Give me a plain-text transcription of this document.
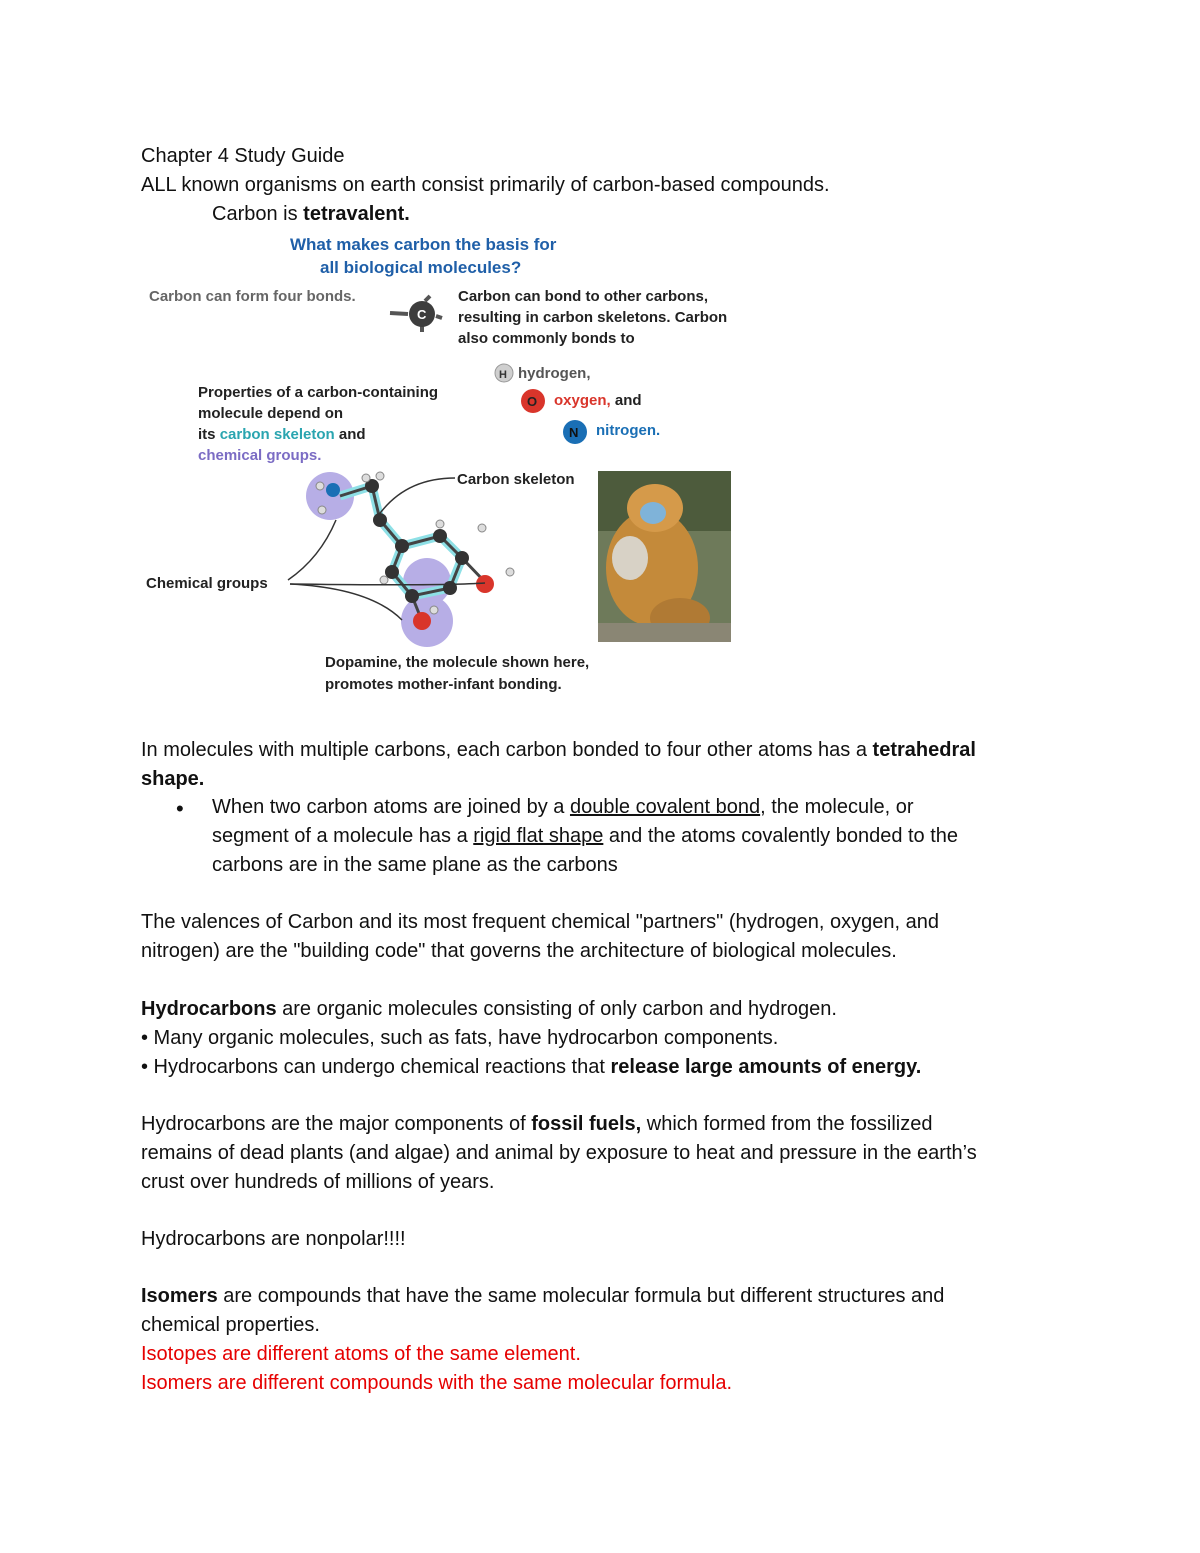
Chapter 4 Study Guide
ALL known organisms on earth consist primarily of carbon-based compounds.
Carbon is tetravalent.
What makes carbon the basis for
all biological molecules?
Carbon can form four bonds.
C
Carbon can bond to other carbons,
resulting in carbon skeletons. Carbon
also commonly bonds to
H hydrogen,
O oxygen, and
N nitrogen.
Properties of a carbon-containing
molecule depend on
its carbon skeleton and
chemical groups.
Carbon skeleton
Chemical groups
Dopamine, the molecule shown here,
promotes mother-infant bonding.
In molecules with multiple carbons, each carbon bonded to four other atoms has a tetrahedral
shape.
• When two carbon atoms are joined by a double covalent bond, the molecule, or
segment of a molecule has a rigid flat shape and the atoms covalently bonded to the
carbons are in the same plane as the carbons
The valences of Carbon and its most frequent chemical "partners" (hydrogen, oxygen, and
nitrogen) are the "building code" that governs the architecture of biological molecules.
Hydrocarbons are organic molecules consisting of only carbon and hydrogen.
• Many organic molecules, such as fats, have hydrocarbon components.
• Hydrocarbons can undergo chemical reactions that release large amounts of energy.
Hydrocarbons are the major components of fossil fuels, which formed from the fossilized
remains of dead plants (and algae) and animal by exposure to heat and pressure in the earth’s
crust over hundreds of millions of years.
Hydrocarbons are nonpolar!!!!
Isomers are compounds that have the same molecular formula but different structures and
chemical properties.
Isotopes are different atoms of the same element.
Isomers are different compounds with the same molecular formula.
